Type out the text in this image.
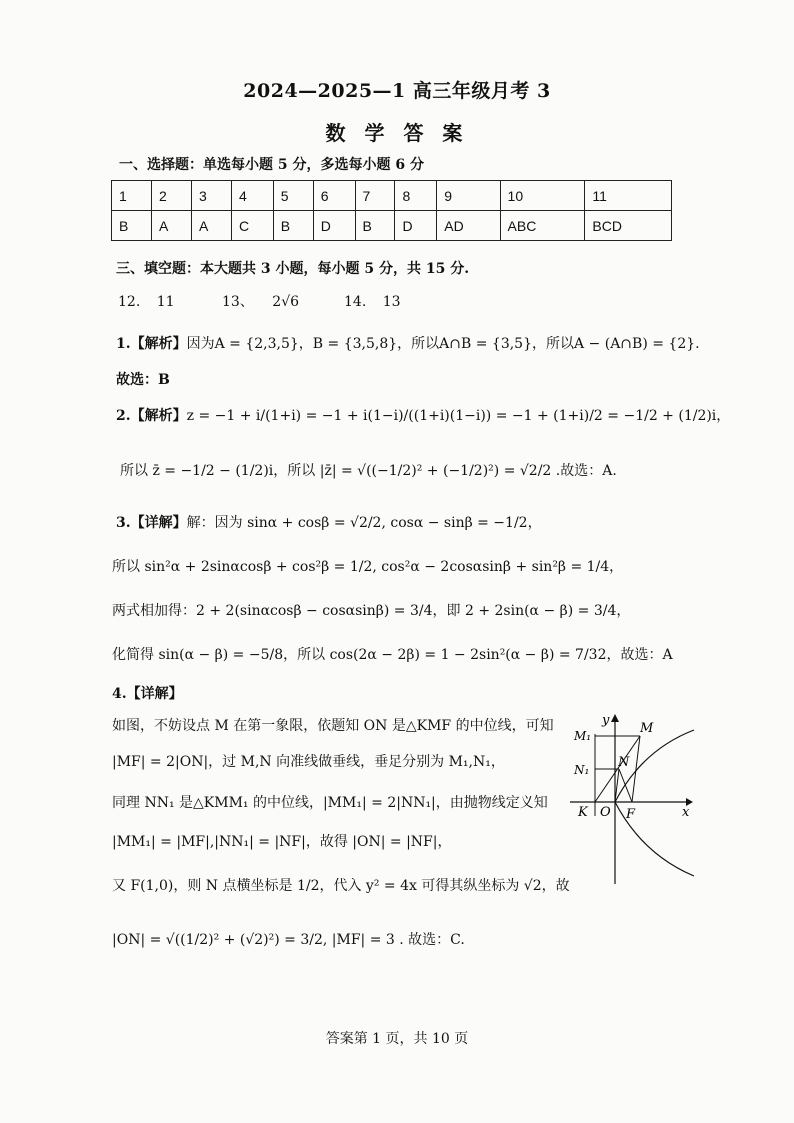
2024—2025—1 高三年级月考 3
数 学 答 案
一、选择题：单选每小题 5 分，多选每小题 6 分
1	2	3	4	5	6	7	8	9	10	11
B	A	A	C	B	D	B	D	AD	ABC	BCD
三、填空题：本大题共 3 小题，每小题 5 分，共 15 分.
12. 11	13、 2√6	14. 13
1.【解析】因为A = {2,3,5}，B = {3,5,8}，所以A∩B = {3,5}，所以A − (A∩B) = {2}.
故选：B
2.【解析】z = −1 + i/(1+i) = −1 + i(1−i)/((1+i)(1−i)) = −1 + (1+i)/2 = −1/2 + (1/2)i，
所以 z̄ = −1/2 − (1/2)i，所以 |z̄| = √((−1/2)² + (−1/2)²) = √2/2 .故选：A.
3.【详解】解：因为 sinα + cosβ = √2/2, cosα − sinβ = −1/2，
所以 sin²α + 2sinαcosβ + cos²β = 1/2, cos²α − 2cosαsinβ + sin²β = 1/4，
两式相加得：2 + 2(sinαcosβ − cosαsinβ) = 3/4，即 2 + 2sin(α − β) = 3/4，
化简得 sin(α − β) = −5/8，所以 cos(2α − 2β) = 1 − 2sin²(α − β) = 7/32，故选：A
4.【详解】
如图，不妨设点 M 在第一象限，依题知 ON 是△KMF 的中位线，可知
|MF| = 2|ON|，过 M,N 向准线做垂线，垂足分别为 M₁,N₁，
同理 NN₁ 是△KMM₁ 的中位线，|MM₁| = 2|NN₁|，由抛物线定义知
|MM₁| = |MF|,|NN₁| = |NF|，故得 |ON| = |NF|，
又 F(1,0)，则 N 点横坐标是 1/2，代入 y² = 4x 可得其纵坐标为 √2，故
|ON| = √((1/2)² + (√2)²) = 3/2, |MF| = 3 . 故选：C.
y
x
M₁	M
N₁ N
K O F
答案第 1 页，共 10 页
